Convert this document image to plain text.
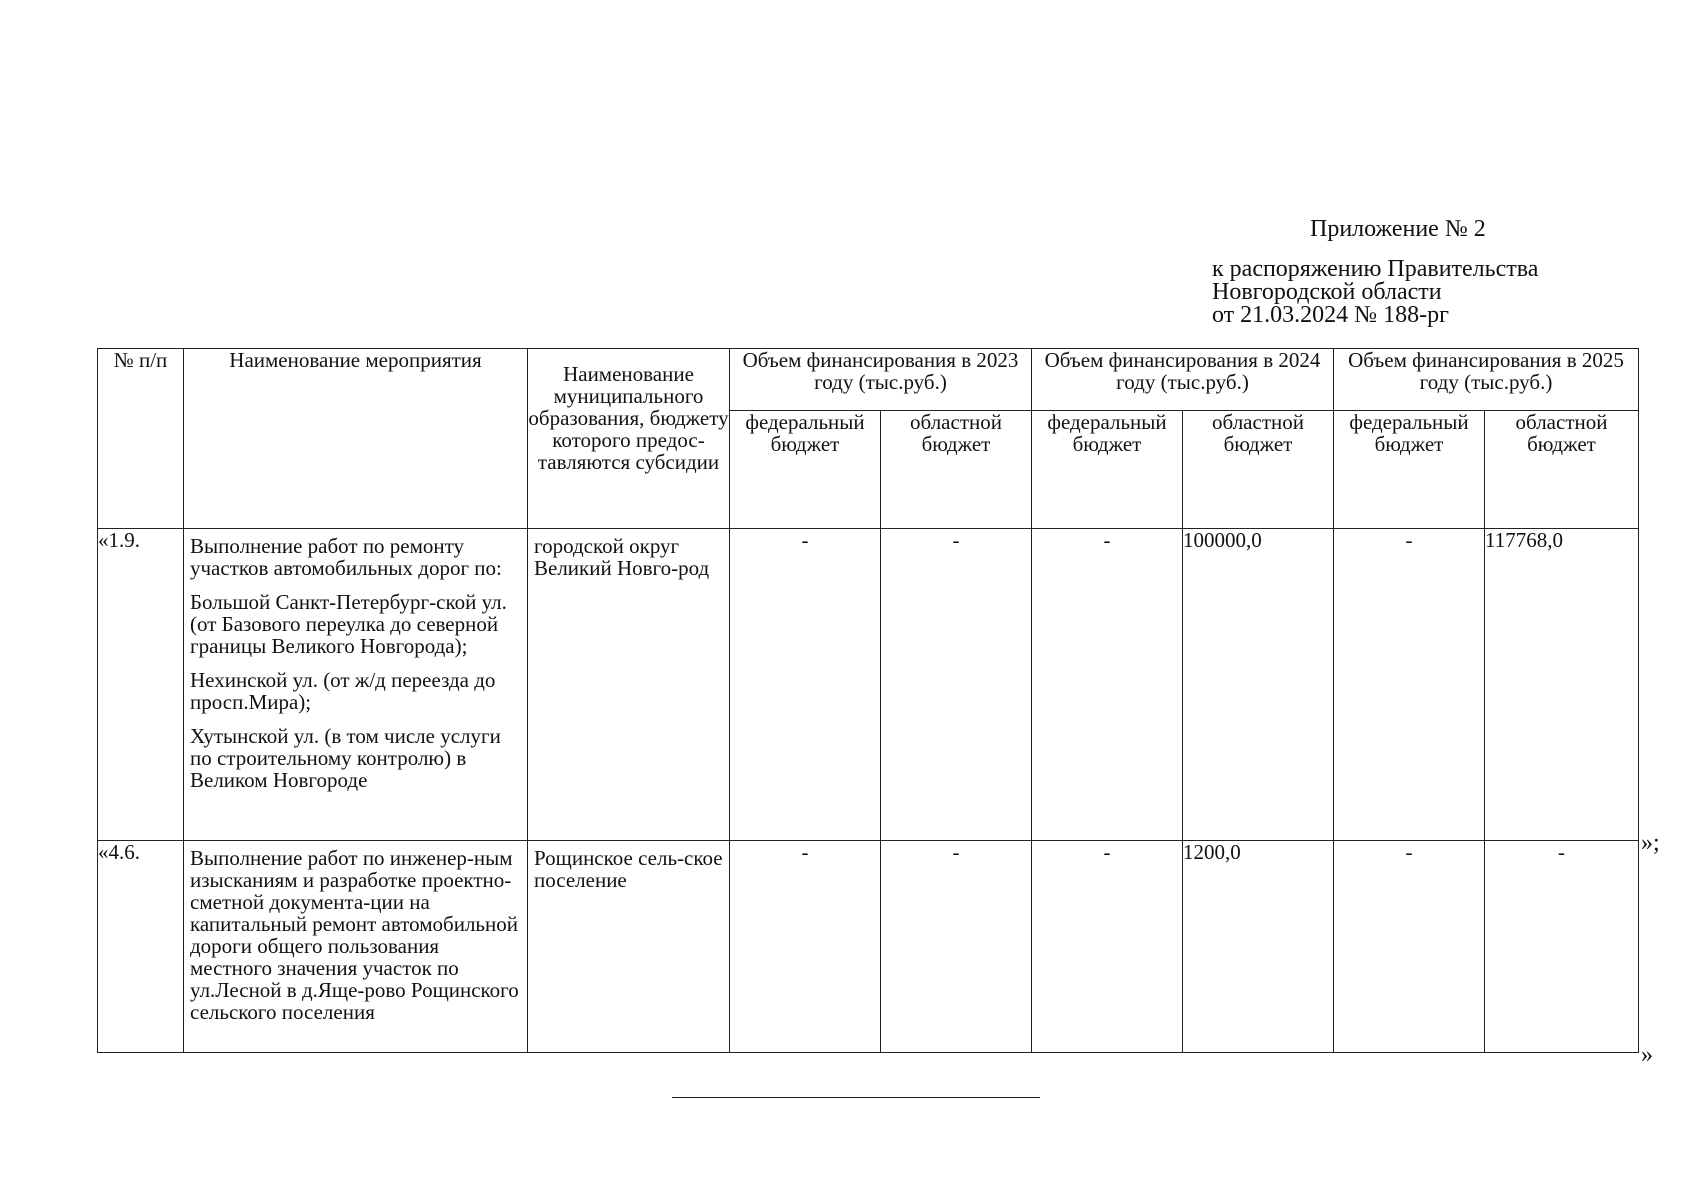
Приложение № 2
к распоряжению Правительства
Новгородской области
от 21.03.2024 № 188-рг
№ п/п	Наименование мероприятия	Наименование муниципального образования, бюджету которого предос-тавляются субсидии	Объем финансирования в 2023 году (тыс.руб.)		Объем финансирования в 2024 году (тыс.руб.)		Объем финансирования в 2025 году (тыс.руб.)	
			федеральный бюджет	областной бюджет	федеральный бюджет	областной бюджет	федеральный бюджет	областной бюджет
«1.9.	Выполнение работ по ремонту участков автомобильных дорог по:

Большой Санкт-Петербург-ской ул. (от Базового переулка до северной границы Великого Новгорода);

Нехинской ул. (от ж/д переезда до просп.Мира);

Хутынской ул. (в том числе услуги по строительному контролю) в Великом Новгороде	городской округ Великий Новго-род	-	-	-	100000,0	-	117768,0
«4.6.	Выполнение работ по инженер-ным изысканиям и разработке проектно-сметной документа-ции на капитальный ремонт автомобильной дороги общего пользования местного значения участок по ул.Лесной в д.Яще-рово Рощинского сельского поселения	Рощинское сель-ское поселение	-	-	-	1200,0	-	-	»;
»
